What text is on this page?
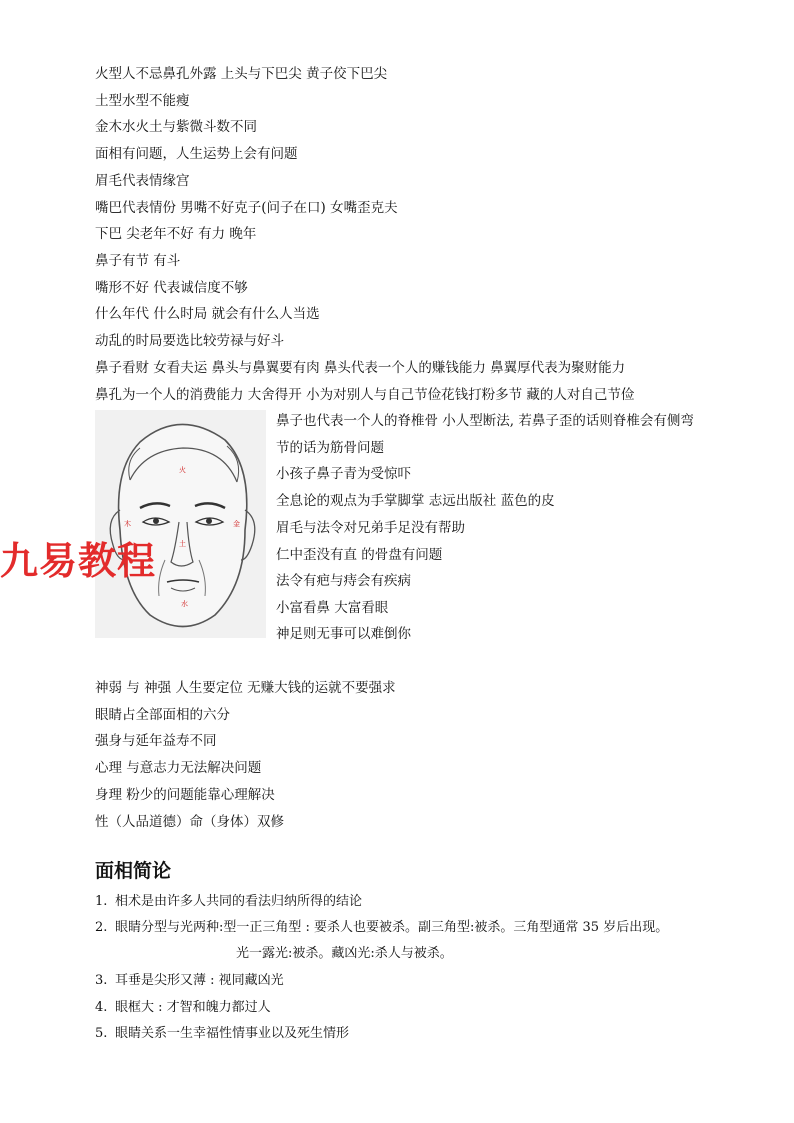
火型人不忌鼻孔外露 上头与下巴尖 黄子佼下巴尖
土型水型不能瘦
金木水火土与紫微斗数不同
面相有问题，人生运势上会有问题
眉毛代表情缘宫
嘴巴代表情份 男嘴不好克子(问子在口) 女嘴歪克夫
下巴 尖老年不好 有力 晚年
鼻子有节 有斗
嘴形不好 代表诚信度不够
什么年代 什么时局 就会有什么人当选
动乱的时局要选比较劳禄与好斗
鼻子看财 女看夫运 鼻头与鼻翼要有肉 鼻头代表一个人的赚钱能力 鼻翼厚代表为聚财能力
鼻孔为一个人的消费能力 大舍得开 小为对别人与自己节俭花钱打粉多节 藏的人对自己节俭
火
木	金
土
水
九易教程
鼻子也代表一个人的脊椎骨 小人型断法, 若鼻子歪的话则脊椎会有侧弯
节的话为筋骨问题
小孩子鼻子青为受惊吓
全息论的观点为手掌脚掌 志远出版社 蓝色的皮
眉毛与法令对兄弟手足没有帮助
仁中歪没有直 的骨盘有问题
法令有疤与痔会有疾病
小富看鼻 大富看眼
神足则无事可以难倒你
神弱 与 神强 人生要定位 无赚大钱的运就不要强求
眼睛占全部面相的六分
强身与延年益寿不同
心理 与意志力无法解决问题
身理 粉少的问题能靠心理解决
性（人品道德）命（身体）双修
面相简论
1. 相术是由许多人共同的看法归纳所得的结论
2. 眼睛分型与光两种:型一正三角型 : 要杀人也要被杀。副三角型:被杀。三角型通常 35 岁后出现。
光一露光:被杀。藏凶光:杀人与被杀。
3. 耳垂是尖形又薄 : 视同藏凶光
4. 眼框大 : 才智和魄力都过人
5. 眼睛关系一生幸福性情事业以及死生情形
